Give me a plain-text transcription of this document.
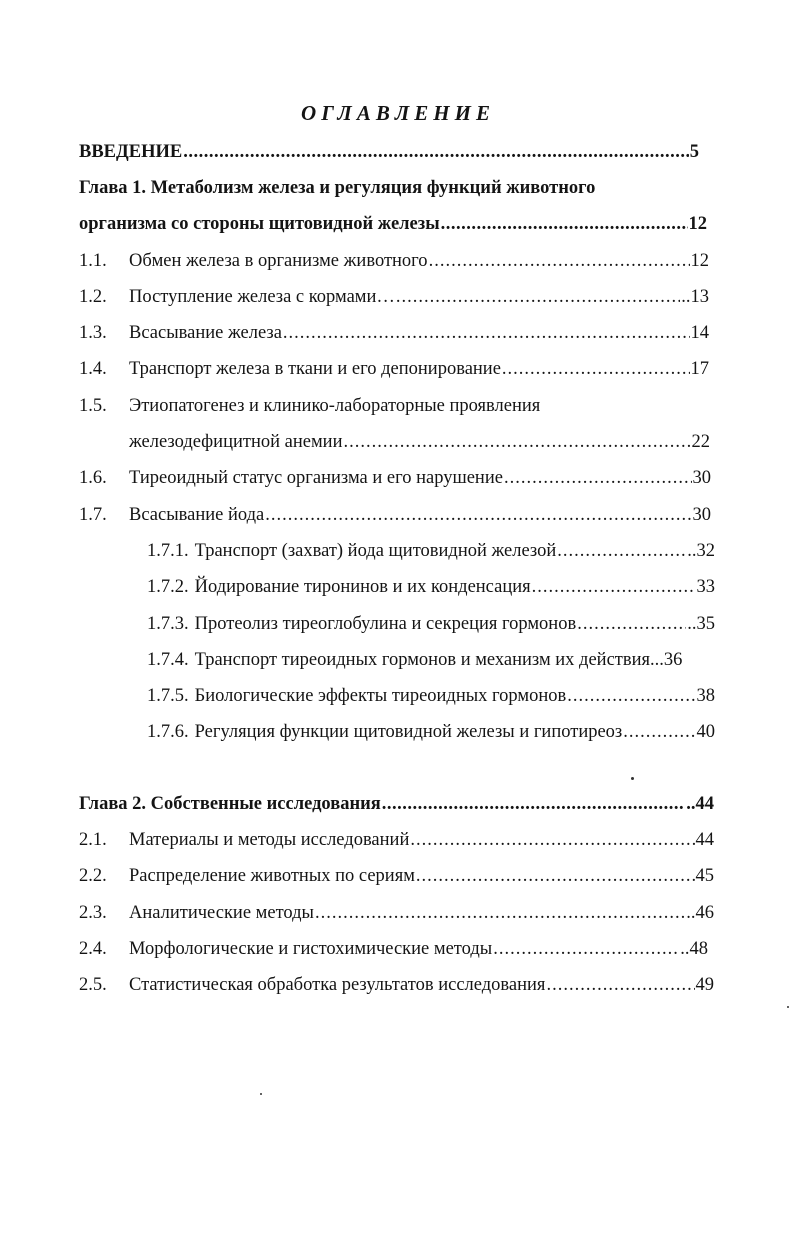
ОГЛАВЛЕНИЕ
ВВЕДЕНИЕ .....	5
Глава 1. Метаболизм железа и регуляция функций животного
организма со стороны щитовидной железы .....	12
1.1.	Обмен железа в организме животного .....	12
1.2.	Поступление железа с кормами… .....	..13
1.3.	Всасывание железа .....	14
1.4.	Транспорт железа в ткани и его депонирование .....	17
1.5.	Этиопатогенез и клинико-лабораторные проявления
железодефицитной анемии .....	22
1.6.	Тиреоидный статус организма и его нарушение .....	30
1.7.	Всасывание йода .....	30
1.7.1. Транспорт (захват) йода щитовидной железой .....	..32
1.7.2. Йодирование тиронинов и их конденсация .....	33
1.7.3. Протеолиз тиреоглобулина и секреция гормонов .....	..35
1.7.4. Транспорт тиреоидных гормонов и механизм их действия ...36
1.7.5. Биологические эффекты тиреоидных гормонов .....	38
1.7.6. Регуляция функции щитовидной железы и гипотиреоз .....	40
Глава 2. Собственные исследования .....	..44
2.1.	Материалы и методы исследований .....	44
2.2.	Распределение животных по сериям .....	45
2.3.	Аналитические методы .....	..46
2.4.	Морфологические и гистохимические методы .....	..48
2.5.	Статистическая обработка результатов исследования .....	49
